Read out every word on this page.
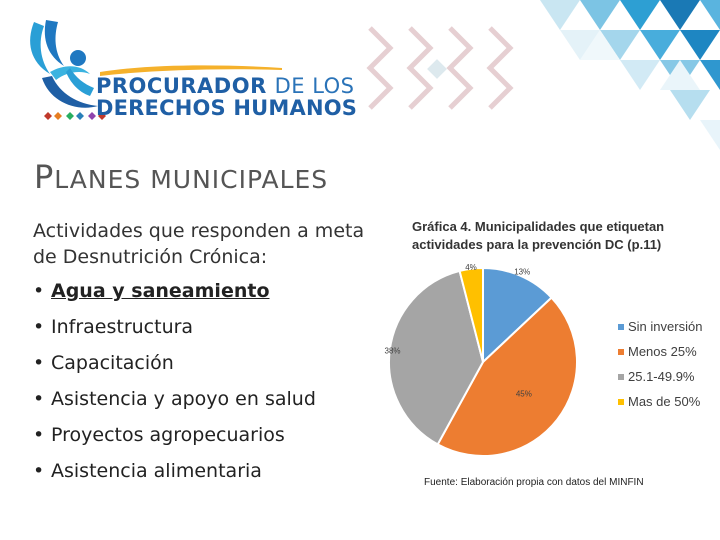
PROCURADOR DE LOS
DERECHOS HUMANOS
PLANES MUNICIPALES
Actividades que responden a meta de Desnutrición Crónica:
• Agua y saneamiento
• Infraestructura
• Capacitación
• Asistencia y apoyo en salud
• Proyectos agropecuarios
• Asistencia alimentaria
Gráfica 4. Municipalidades que etiquetan actividades para la prevención DC (p.11)
13%
45%
38%
4%
Sin inversión
Menos 25%
25.1-49.9%
Mas de 50%
Fuente: Elaboración propia con datos del MINFIN
